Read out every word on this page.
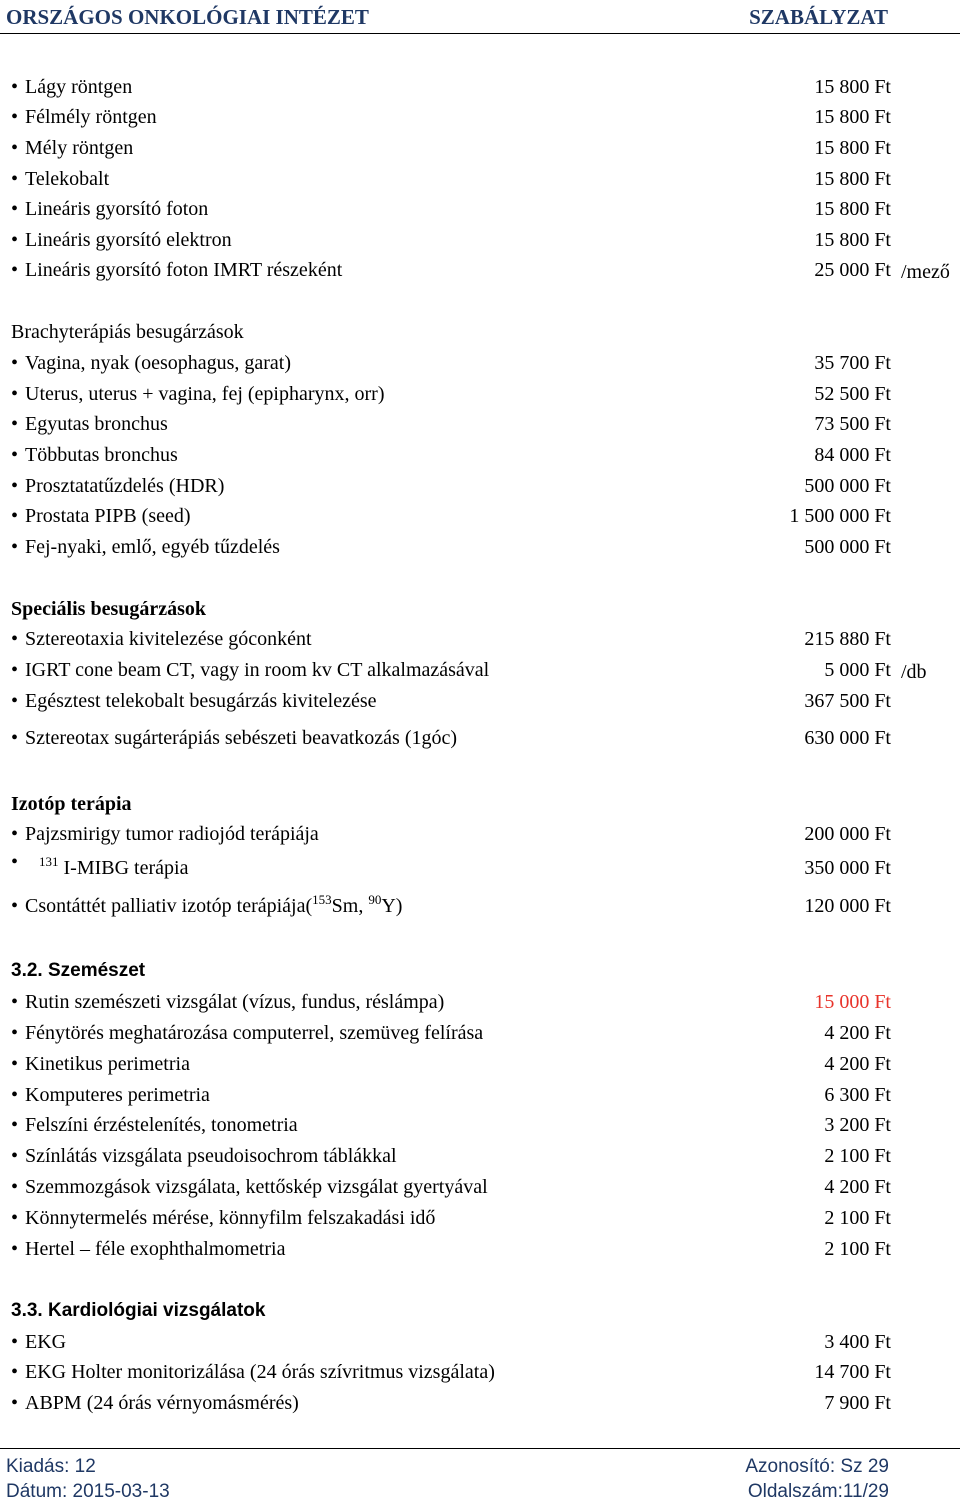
ORSZÁGOS ONKOLÓGIAI INTÉZET	SZABÁLYZAT
• Lágy röntgen	15 800 Ft
• Félmély röntgen	15 800 Ft
• Mély röntgen	15 800 Ft
• Telekobalt	15 800 Ft
• Lineáris gyorsító foton	15 800 Ft
• Lineáris gyorsító elektron	15 800 Ft
• Lineáris gyorsító foton IMRT részeként	25 000 Ft /mező
Brachyterápiás besugárzások
• Vagina, nyak (oesophagus, garat)	35 700 Ft
• Uterus, uterus + vagina, fej (epipharynx, orr)	52 500 Ft
• Egyutas bronchus	73 500 Ft
• Többutas bronchus	84 000 Ft
• Prosztatatűzdelés (HDR)	500 000 Ft
• Prostata PIPB (seed)	1 500 000 Ft
• Fej-nyaki, emlő, egyéb tűzdelés	500 000 Ft
Speciális besugárzások
• Sztereotaxia kivitelezése góconként	215 880 Ft
• IGRT cone beam CT, vagy in room kv CT alkalmazásával	5 000 Ft /db
• Egésztest telekobalt besugárzás kivitelezése	367 500 Ft
• Sztereotax sugárterápiás sebészeti beavatkozás (1góc)	630 000 Ft
Izotóp terápia
• Pajzsmirigy tumor radiojód terápiája	200 000 Ft
• $^{131}$ I-MIBG terápia	350 000 Ft
• Csontáttét palliativ izotóp terápiája($^{153}$Sm, $^{90}$Y)	120 000 Ft
3.2. Szemészet
• Rutin szemészeti vizsgálat (vízus, fundus, réslámpa)	15 000 Ft
• Fénytörés meghatározása computerrel, szemüveg felírása	4 200 Ft
• Kinetikus perimetria	4 200 Ft
• Komputeres perimetria	6 300 Ft
• Felszíni érzéstelenítés, tonometria	3 200 Ft
• Színlátás vizsgálata pseudoisochrom táblákkal	2 100 Ft
• Szemmozgások vizsgálata, kettőskép vizsgálat gyertyával	4 200 Ft
• Könnytermelés mérése, könnyfilm felszakadási idő	2 100 Ft
• Hertel – féle exophthalmometria	2 100 Ft
3.3. Kardiológiai vizsgálatok
• EKG	3 400 Ft
• EKG Holter monitorizálása (24 órás szívritmus vizsgálata)	14 700 Ft
• ABPM (24 órás vérnyomásmérés)	7 900 Ft
Kiadás: 12
Dátum: 2015-03-13
Azonosító: Sz 29
Oldalszám:11/29
